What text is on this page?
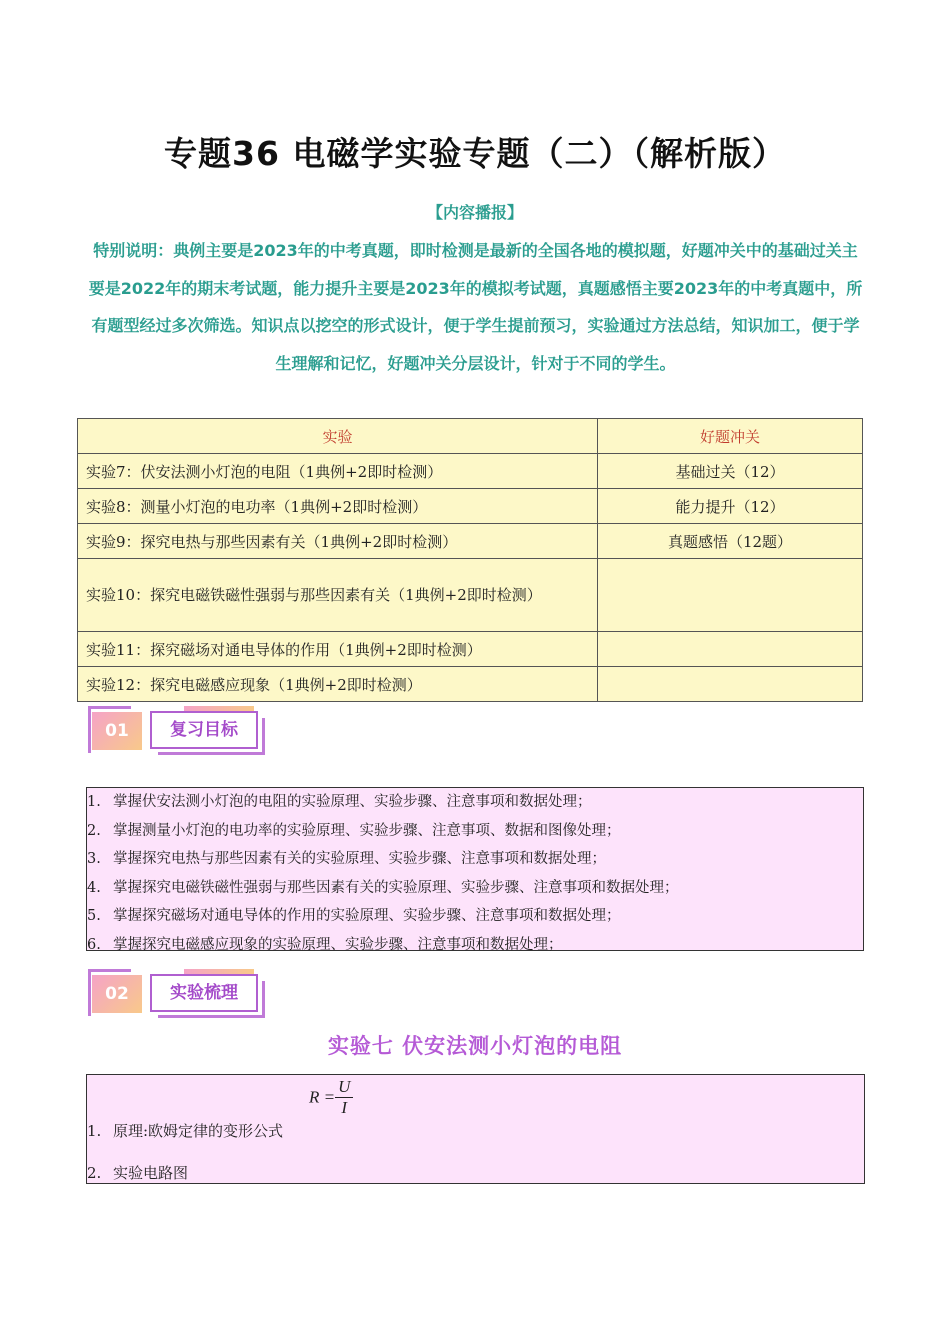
专题36 电磁学实验专题（二）（解析版）
【内容播报】
特别说明：典例主要是2023年的中考真题，即时检测是最新的全国各地的模拟题，好题冲关中的基础过关主要是2022年的期末考试题，能力提升主要是2023年的模拟考试题，真题感悟主要2023年的中考真题中，所有题型经过多次筛选。知识点以挖空的形式设计，便于学生提前预习，实验通过方法总结，知识加工，便于学生理解和记忆，好题冲关分层设计，针对于不同的学生。
实验	好题冲关
实验7：伏安法测小灯泡的电阻（1典例+2即时检测）	基础过关（12）
实验8：测量小灯泡的电功率（1典例+2即时检测）	能力提升（12）
实验9：探究电热与那些因素有关（1典例+2即时检测）	真题感悟（12题）
实验10：探究电磁铁磁性强弱与那些因素有关（1典例+2即时检测）	
实验11：探究磁场对通电导体的作用（1典例+2即时检测）	
实验12：探究电磁感应现象（1典例+2即时检测）	
01	复习目标
1. 掌握伏安法测小灯泡的电阻的实验原理、实验步骤、注意事项和数据处理；
2. 掌握测量小灯泡的电功率的实验原理、实验步骤、注意事项、数据和图像处理；
3. 掌握探究电热与那些因素有关的实验原理、实验步骤、注意事项和数据处理；
4. 掌握探究电磁铁磁性强弱与那些因素有关的实验原理、实验步骤、注意事项和数据处理；
5. 掌握探究磁场对通电导体的作用的实验原理、实验步骤、注意事项和数据处理；
6. 掌握探究电磁感应现象的实验原理、实验步骤、注意事项和数据处理；
02	实验梳理
实验七 伏安法测小灯泡的电阻
$R = \frac{U}{I}$
1. 原理:欧姆定律的变形公式
2. 实验电路图
